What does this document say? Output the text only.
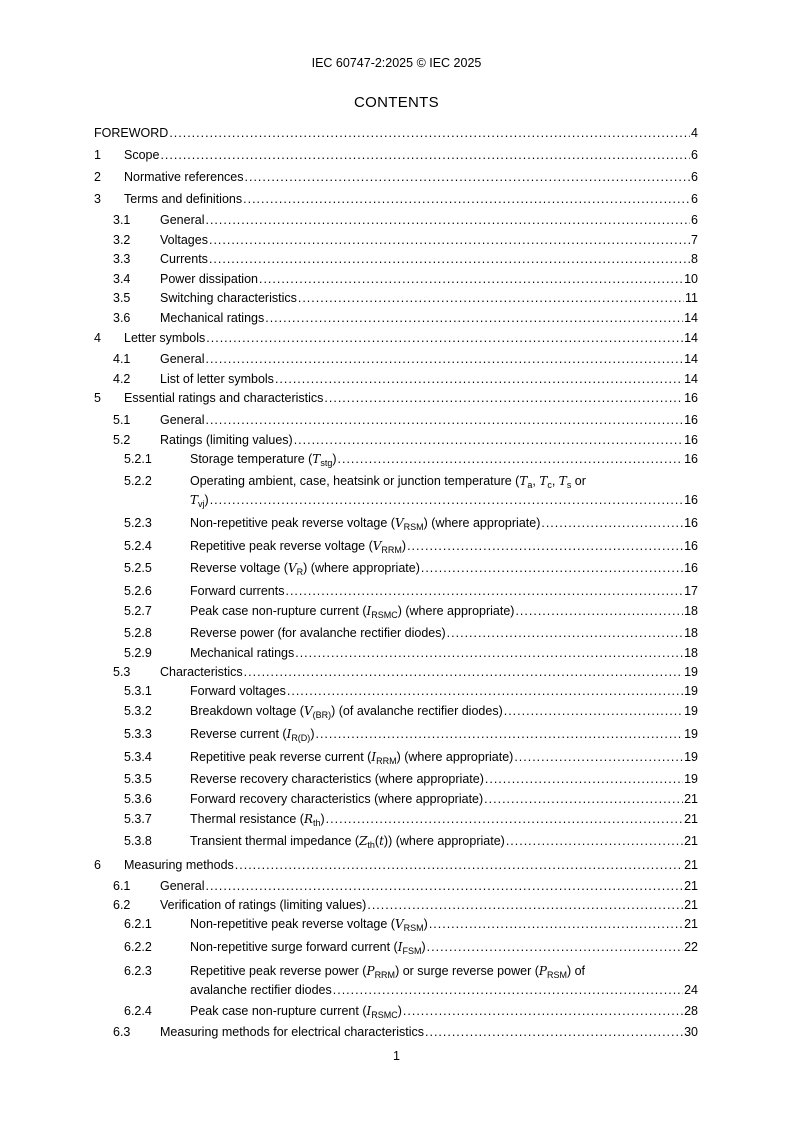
IEC 60747-2:2025 © IEC 2025
CONTENTS
FOREWORD .....	4
1 Scope .....	6
2 Normative references .....	6
3 Terms and definitions .....	6
3.1 General .....	6
3.2 Voltages .....	7
3.3 Currents .....	8
3.4 Power dissipation .....	10
3.5 Switching characteristics .....	11
3.6 Mechanical ratings .....	14
4 Letter symbols .....	14
4.1 General .....	14
4.2 List of letter symbols .....	14
5 Essential ratings and characteristics .....	16
5.1 General .....	16
5.2 Ratings (limiting values) .....	16
5.2.1	Storage temperature $(T_{stg})$ .....	16
5.2.2	Operating ambient, case, heatsink or junction temperature ($T_a$, $T_c$, $T_s$ or
$T_{vj}$) .....	16
5.2.3	Non-repetitive peak reverse voltage $(V_{RSM})$ (where appropriate) .....	16
5.2.4	Repetitive peak reverse voltage $(V_{RRM})$ .....	16
5.2.5	Reverse voltage $(V_R)$ (where appropriate) .....	16
5.2.6	Forward currents .....	17
5.2.7	Peak case non-rupture current $(I_{RSMC})$ (where appropriate) .....	18
5.2.8	Reverse power (for avalanche rectifier diodes) .....	18
5.2.9	Mechanical ratings .....	18
5.3 Characteristics .....	19
5.3.1	Forward voltages .....	19
5.3.2	Breakdown voltage $(V_{(BR)})$ (of avalanche rectifier diodes) .....	19
5.3.3	Reverse current $(I_{R(D)})$ .....	19
5.3.4	Repetitive peak reverse current $(I_{RRM})$ (where appropriate) .....	19
5.3.5	Reverse recovery characteristics (where appropriate) .....	19
5.3.6	Forward recovery characteristics (where appropriate) .....	21
5.3.7	Thermal resistance $(R_{th})$ .....	21
5.3.8	Transient thermal impedance $(Z_{th}(t))$ (where appropriate) .....	21
6 Measuring methods .....	21
6.1 General .....	21
6.2 Verification of ratings (limiting values) .....	21
6.2.1	Non-repetitive peak reverse voltage $(V_{RSM})$ .....	21
6.2.2	Non-repetitive surge forward current $(I_{FSM})$ .....	22
6.2.3	Repetitive peak reverse power $(P_{RRM})$ or surge reverse power $(P_{RSM})$ of
avalanche rectifier diodes .....	24
6.2.4	Peak case non-rupture current $(I_{RSMC})$ .....	28
6.3 Measuring methods for electrical characteristics .....	30
1
